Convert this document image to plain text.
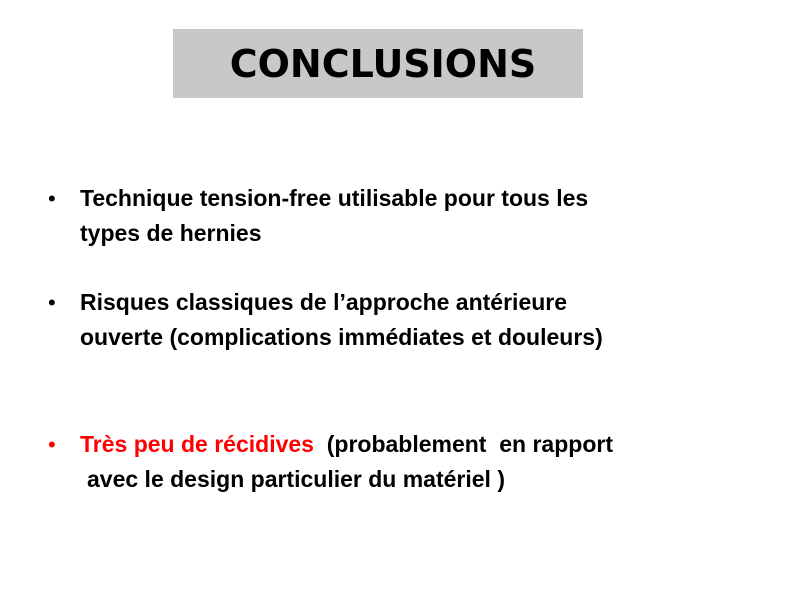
CONCLUSIONS
•	Technique tension-free utilisable pour tous les
types de hernies
•	Risques classiques de l’approche antérieure
ouverte (complications immédiates et douleurs)
•	Très peu de récidives  (probablement  en rapport
avec le design particulier du matériel )
